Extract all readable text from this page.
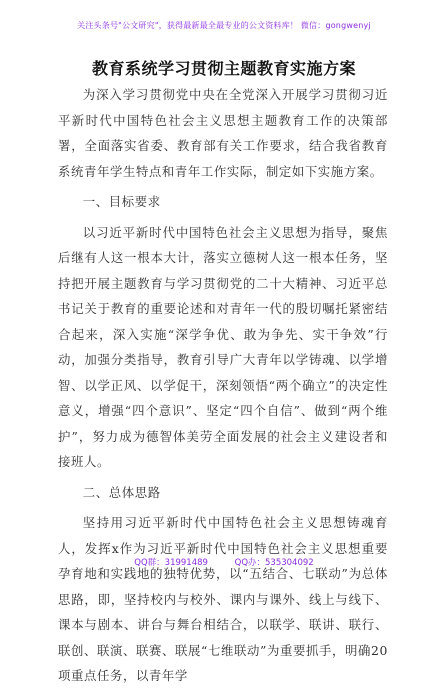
关注头条号"公文研究"，获得最新最全最专业的公文资料库！ 微信：gongwenyj
教育系统学习贯彻主题教育实施方案

为深入学习贯彻党中央在全党深入开展学习贯彻习近平新时代中国特色社会主义思想主题教育工作的决策部署，全面落实省委、教育部有关工作要求，结合我省教育系统青年学生特点和青年工作实际，制定如下实施方案。

一、目标要求

以习近平新时代中国特色社会主义思想为指导，聚焦后继有人这一根本大计，落实立德树人这一根本任务，坚持把开展主题教育与学习贯彻党的二十大精神、习近平总书记关于教育的重要论述和对青年一代的殷切嘱托紧密结合起来，深入实施“深学争优、敢为争先、实干争效”行动，加强分类指导，教育引导广大青年以学铸魂、以学增智、以学正风、以学促干，深刻领悟“两个确立”的决定性意义，增强“四个意识”、坚定“四个自信”、做到“两个维护”，努力成为德智体美劳全面发展的社会主义建设者和接班人。

二、总体思路

坚持用习近平新时代中国特色社会主义思想铸魂育人，发挥x作为习近平新时代中国特色社会主义思想重要孕育地和实践地的独特优势，以“五结合、七联动”为总体思路，即，坚持校内与校外、课内与课外、线上与线下、课本与剧本、讲台与舞台相结合，以联学、联讲、联行、联创、联演、联赛、联展“七维联动”为重要抓手，明确20项重点任务，以青年学

QQ群：31991489	QQ办：535304092
